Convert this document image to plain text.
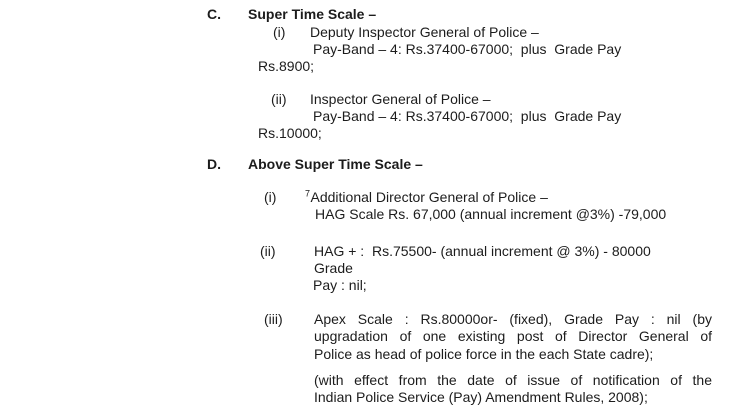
C. Super Time Scale –
(i) Deputy Inspector General of Police –
Pay-Band – 4: Rs.37400-67000;  plus  Grade Pay
Rs.8900;
(ii) Inspector General of Police –
Pay-Band – 4: Rs.37400-67000;  plus  Grade Pay
Rs.10000;
D. Above Super Time Scale –
(i)	$^7$Additional Director General of Police –
HAG Scale Rs. 67,000 (annual increment @3%) -79,000
(ii)	HAG + :  Rs.75500- (annual increment @ 3%) - 80000
Grade
Pay : nil;
(iii) Apex Scale : Rs.80000or- (fixed), Grade Pay : nil (by
upgradation of one existing post of Director General of
Police as head of police force in the each State cadre);
(with effect from the date of issue of notification of the
Indian Police Service (Pay) Amendment Rules, 2008);
